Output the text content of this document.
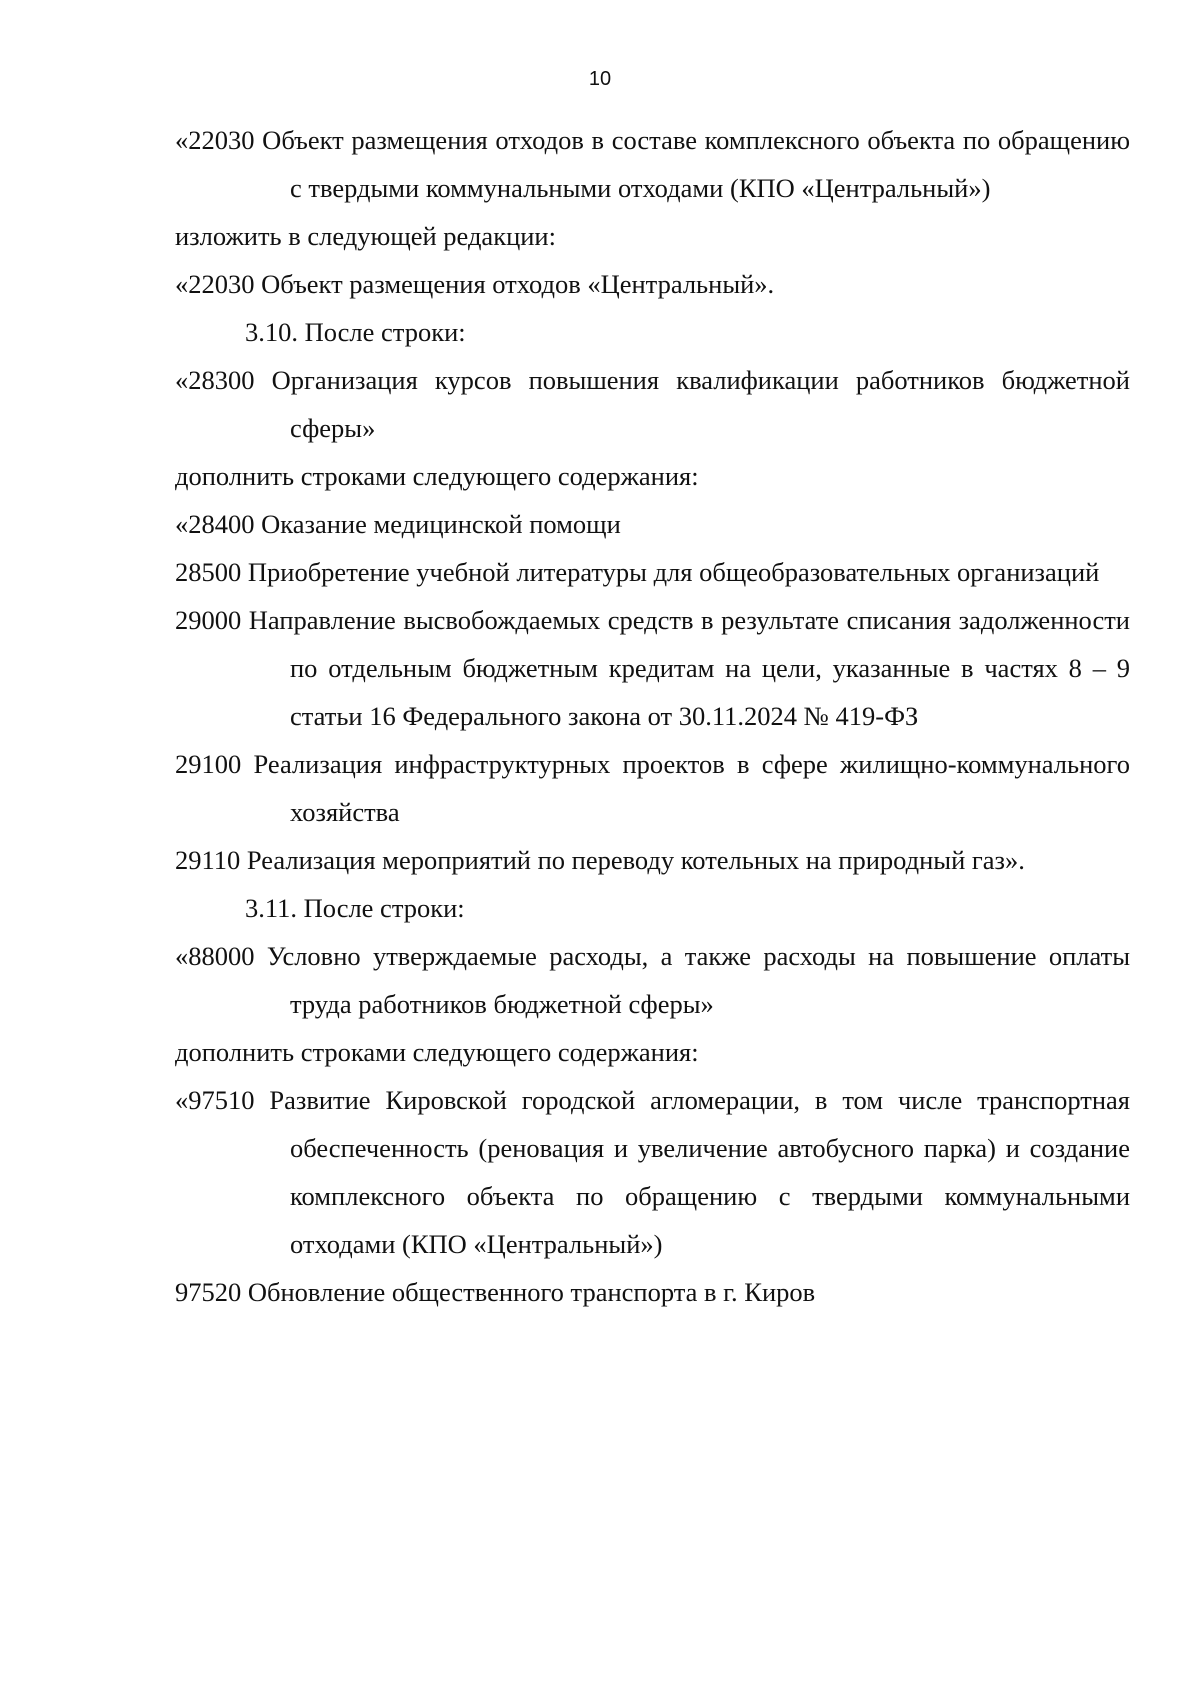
10

«22030 Объект размещения отходов в составе комплексного объекта по обращению с твердыми коммунальными отходами (КПО «Центральный»)

изложить в следующей редакции:

«22030 Объект размещения отходов «Центральный».

3.10. После строки:

«28300 Организация курсов повышения квалификации работников бюджетной сферы»

дополнить строками следующего содержания:

«28400 Оказание медицинской помощи

28500 Приобретение учебной литературы для общеобразовательных организаций

29000 Направление высвобождаемых средств в результате списания задолженности по отдельным бюджетным кредитам на цели, указанные в частях 8 – 9 статьи 16 Федерального закона от 30.11.2024 № 419-ФЗ

29100 Реализация инфраструктурных проектов в сфере жилищно-коммунального хозяйства

29110 Реализация мероприятий по переводу котельных на природный газ».

3.11. После строки:

«88000 Условно утверждаемые расходы, а также расходы на повышение оплаты труда работников бюджетной сферы»

дополнить строками следующего содержания:

«97510 Развитие Кировской городской агломерации, в том числе транспортная обеспеченность (реновация и увеличение автобусного парка) и создание комплексного объекта по обращению с твердыми коммунальными отходами (КПО «Центральный»)

97520 Обновление общественного транспорта в г. Киров
